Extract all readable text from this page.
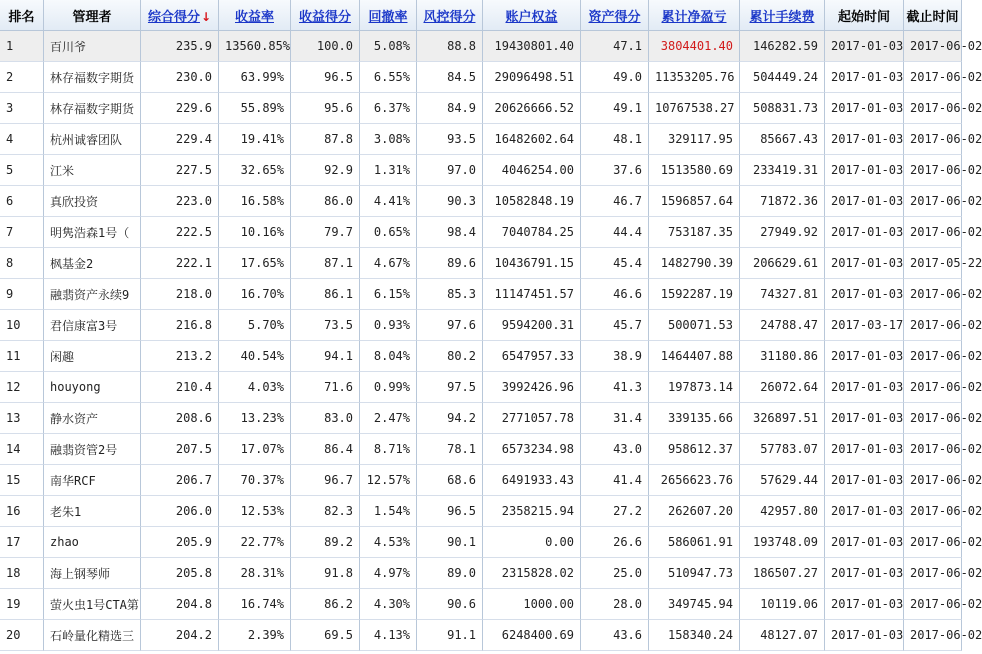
排名	管理者	综合得分↓	收益率	收益得分	回撤率	风控得分	账户权益	资产得分	累计净盈亏	累计手续费	起始时间	截止时间
1	百川爷	235.9	13560.85%	100.0	5.08%	88.8	19430801.40	47.1	3804401.40	146282.59	2017-01-03	2017-06-02
2	林存福数字期货	230.0	63.99%	96.5	6.55%	84.5	29096498.51	49.0	11353205.76	504449.24	2017-01-03	2017-06-02
3	林存福数字期货	229.6	55.89%	95.6	6.37%	84.9	20626666.52	49.1	10767538.27	508831.73	2017-01-03	2017-06-02
4	杭州诚睿团队	229.4	19.41%	87.8	3.08%	93.5	16482602.64	48.1	329117.95	85667.43	2017-01-03	2017-06-02
5	江米	227.5	32.65%	92.9	1.31%	97.0	4046254.00	37.6	1513580.69	233419.31	2017-01-03	2017-06-02
6	真欣投资	223.0	16.58%	86.0	4.41%	90.3	10582848.19	46.7	1596857.64	71872.36	2017-01-03	2017-06-02
7	明隽浩森1号（	222.5	10.16%	79.7	0.65%	98.4	7040784.25	44.4	753187.35	27949.92	2017-01-03	2017-06-02
8	枫基金2	222.1	17.65%	87.1	4.67%	89.6	10436791.15	45.4	1482790.39	206629.61	2017-01-03	2017-05-22
9	融翡资产永续9	218.0	16.70%	86.1	6.15%	85.3	11147451.57	46.6	1592287.19	74327.81	2017-01-03	2017-06-02
10	君信康富3号	216.8	5.70%	73.5	0.93%	97.6	9594200.31	45.7	500071.53	24788.47	2017-03-17	2017-06-02
11	闲趣	213.2	40.54%	94.1	8.04%	80.2	6547957.33	38.9	1464407.88	31180.86	2017-01-03	2017-06-02
12	houyong	210.4	4.03%	71.6	0.99%	97.5	3992426.96	41.3	197873.14	26072.64	2017-01-03	2017-06-02
13	静水资产	208.6	13.23%	83.0	2.47%	94.2	2771057.78	31.4	339135.66	326897.51	2017-01-03	2017-06-02
14	融翡资管2号	207.5	17.07%	86.4	8.71%	78.1	6573234.98	43.0	958612.37	57783.07	2017-01-03	2017-06-02
15	南华RCF	206.7	70.37%	96.7	12.57%	68.6	6491933.43	41.4	2656623.76	57629.44	2017-01-03	2017-06-02
16	老朱1	206.0	12.53%	82.3	1.54%	96.5	2358215.94	27.2	262607.20	42957.80	2017-01-03	2017-06-02
17	zhao	205.9	22.77%	89.2	4.53%	90.1	0.00	26.6	586061.91	193748.09	2017-01-03	2017-06-02
18	海上钢琴师	205.8	28.31%	91.8	4.97%	89.0	2315828.02	25.0	510947.73	186507.27	2017-01-03	2017-06-02
19	萤火虫1号CTA第	204.8	16.74%	86.2	4.30%	90.6	1000.00	28.0	349745.94	10119.06	2017-01-03	2017-06-02
20	石岭量化精选三	204.2	2.39%	69.5	4.13%	91.1	6248400.69	43.6	158340.24	48127.07	2017-01-03	2017-06-02
